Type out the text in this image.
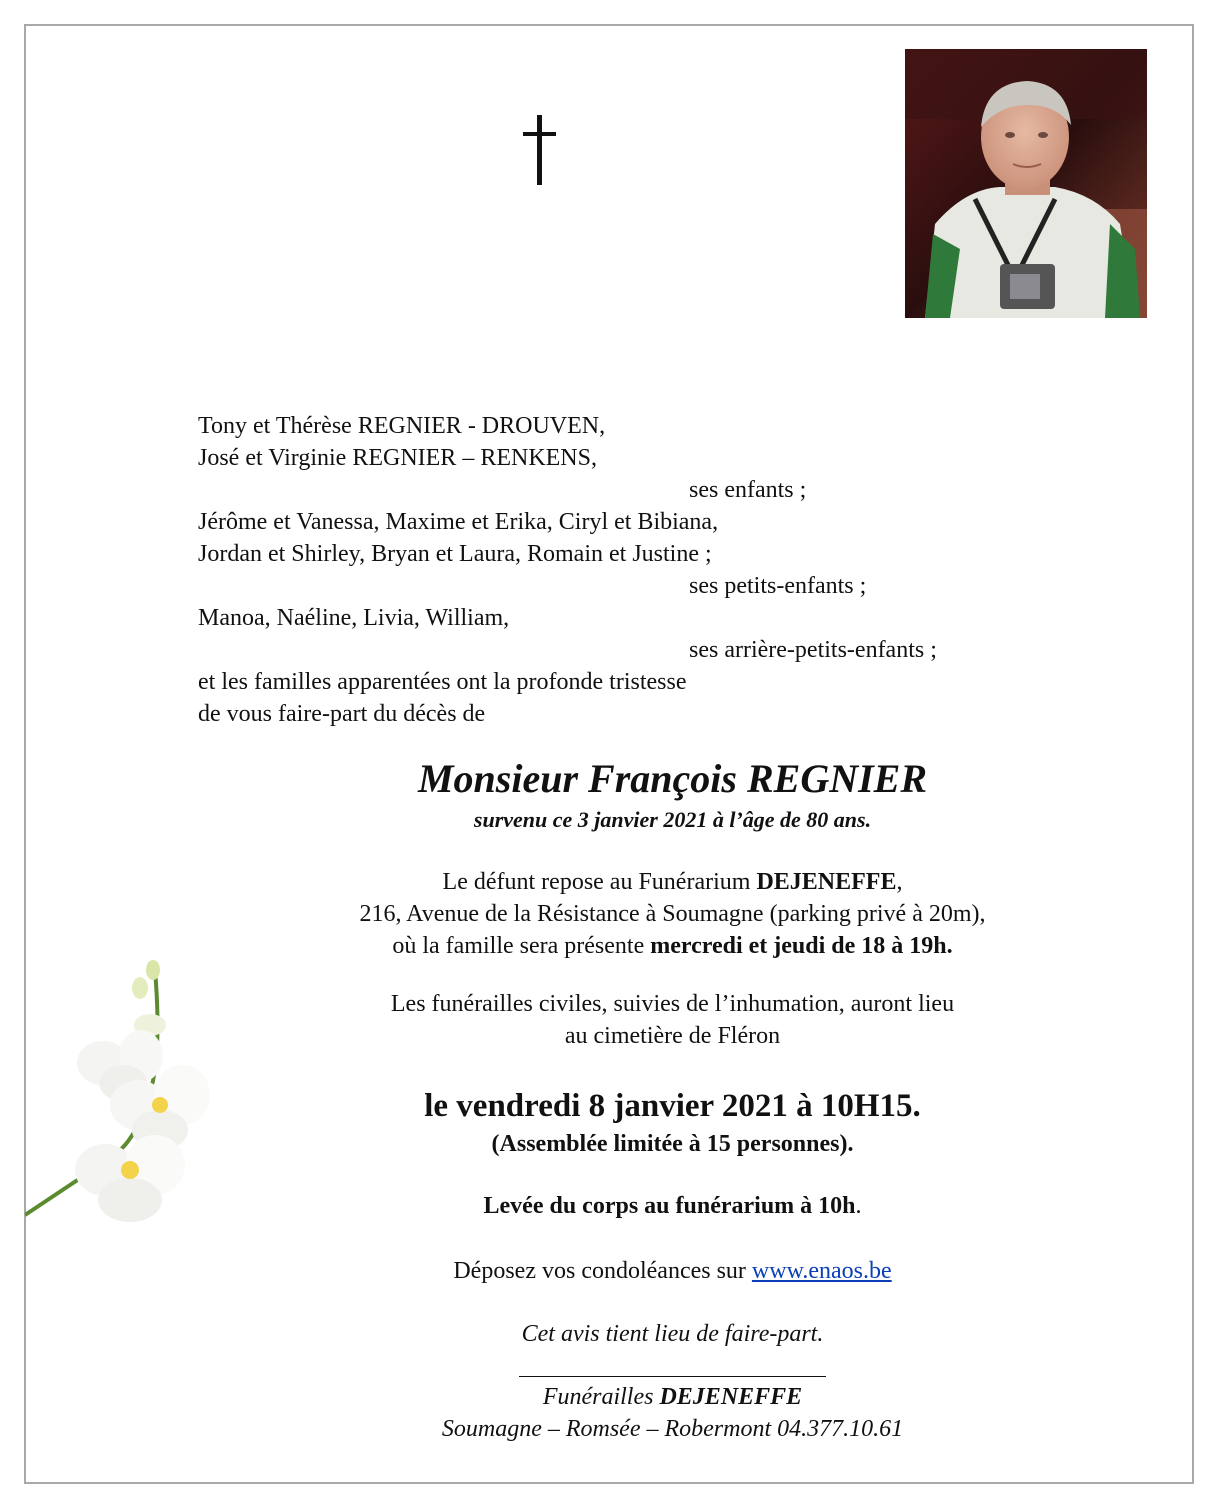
Tony et Thérèse REGNIER - DROUVEN,
José et Virginie REGNIER – RENKENS,
ses enfants ;
Jérôme et Vanessa, Maxime et Erika, Ciryl et Bibiana,
Jordan et Shirley, Bryan et Laura, Romain et Justine ;
ses petits-enfants ;
Manoa, Naéline, Livia, William,
ses arrière-petits-enfants ;
et les familles apparentées ont la profonde tristesse
de vous faire-part du décès de
Monsieur François REGNIER
survenu ce 3 janvier 2021 à l’âge de 80 ans.
Le défunt repose au Funérarium DEJENEFFE,
216, Avenue de la Résistance à Soumagne (parking privé à 20m),
où la famille sera présente mercredi et jeudi de 18 à 19h.
Les funérailles civiles, suivies de l’inhumation, auront lieu
au cimetière de Fléron
le vendredi 8 janvier 2021 à 10H15.
(Assemblée limitée à 15 personnes).
Levée du corps au funérarium à 10h.
Déposez vos condoléances sur www.enaos.be
Cet avis tient lieu de faire-part.
Funérailles DEJENEFFE
Soumagne – Romsée – Robermont 04.377.10.61
